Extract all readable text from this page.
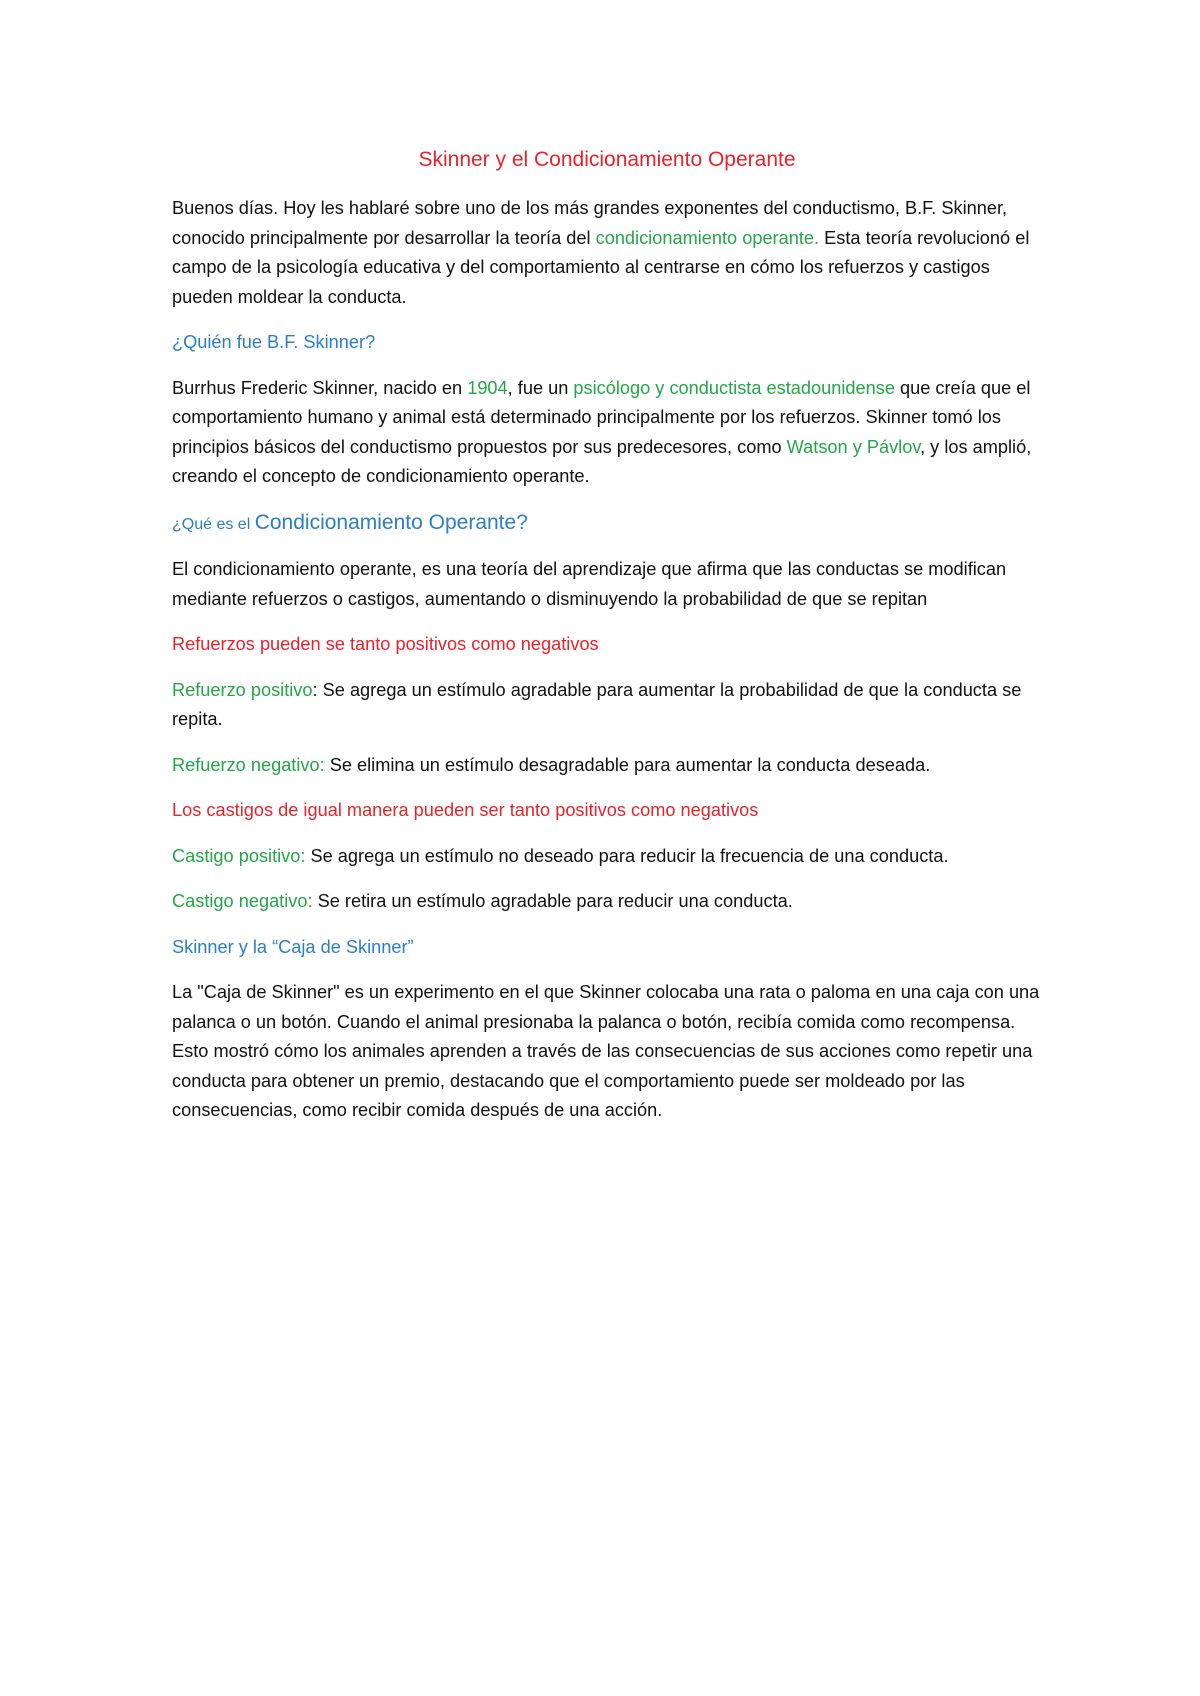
Skinner y el Condicionamiento Operante

Buenos días. Hoy les hablaré sobre uno de los más grandes exponentes del conductismo, B.F. Skinner, conocido principalmente por desarrollar la teoría del condicionamiento operante. Esta teoría revolucionó el campo de la psicología educativa y del comportamiento al centrarse en cómo los refuerzos y castigos pueden moldear la conducta.

¿Quién fue B.F. Skinner?

Burrhus Frederic Skinner, nacido en 1904, fue un psicólogo y conductista estadounidense que creía que el comportamiento humano y animal está determinado principalmente por los refuerzos. Skinner tomó los principios básicos del conductismo propuestos por sus predecesores, como Watson y Pávlov, y los amplió, creando el concepto de condicionamiento operante.

¿Qué es el Condicionamiento Operante?

El condicionamiento operante, es una teoría del aprendizaje que afirma que las conductas se modifican mediante refuerzos o castigos, aumentando o disminuyendo la probabilidad de que se repitan

Refuerzos pueden se tanto positivos como negativos

Refuerzo positivo: Se agrega un estímulo agradable para aumentar la probabilidad de que la conducta se repita.

Refuerzo negativo: Se elimina un estímulo desagradable para aumentar la conducta deseada.

Los castigos de igual manera pueden ser tanto positivos como negativos

Castigo positivo: Se agrega un estímulo no deseado para reducir la frecuencia de una conducta.

Castigo negativo: Se retira un estímulo agradable para reducir una conducta.

Skinner y la “Caja de Skinner”

La "Caja de Skinner" es un experimento en el que Skinner colocaba una rata o paloma en una caja con una palanca o un botón. Cuando el animal presionaba la palanca o botón, recibía comida como recompensa. Esto mostró cómo los animales aprenden a través de las consecuencias de sus acciones como repetir una conducta para obtener un premio, destacando que el comportamiento puede ser moldeado por las consecuencias, como recibir comida después de una acción.
